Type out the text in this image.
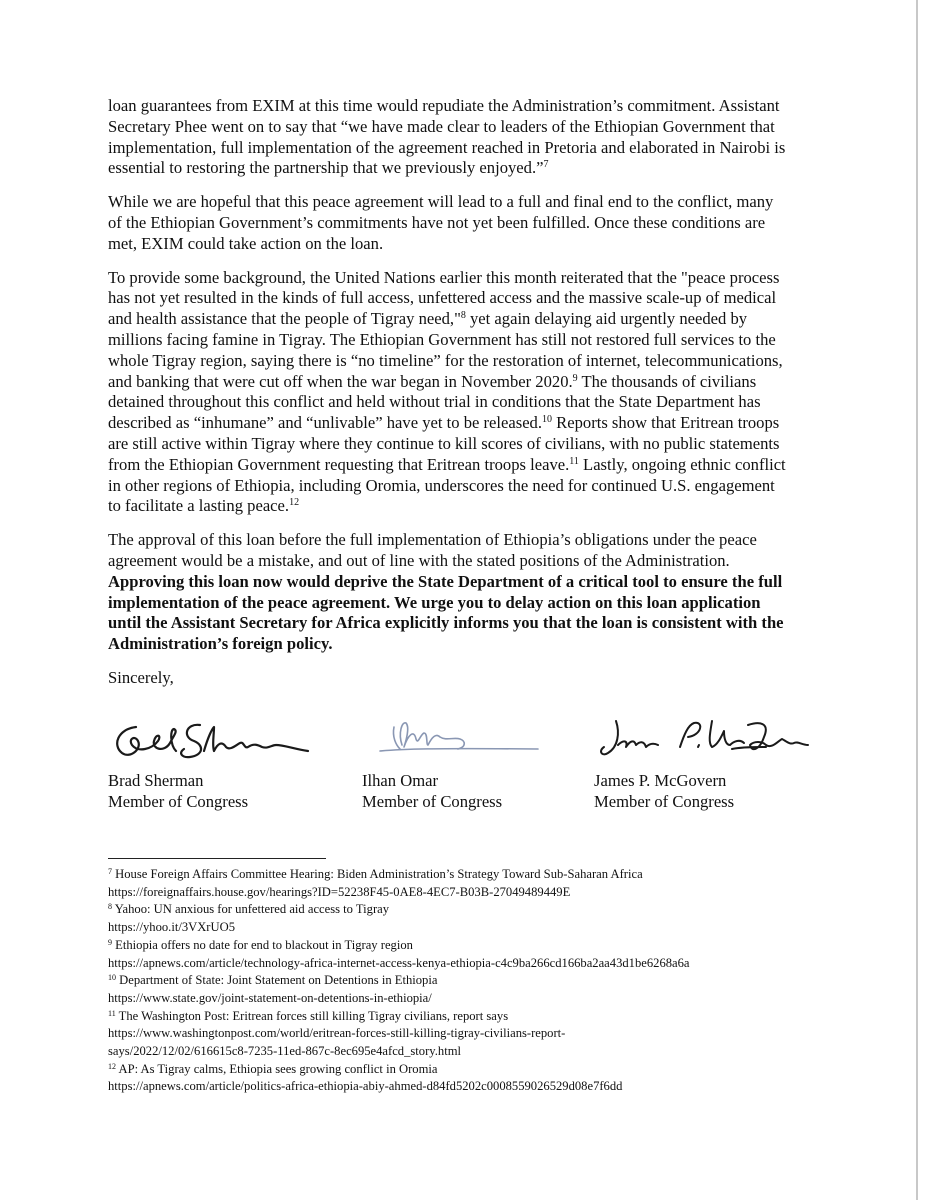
loan guarantees from EXIM at this time would repudiate the Administration’s commitment. Assistant Secretary Phee went on to say that “we have made clear to leaders of the Ethiopian Government that implementation, full implementation of the agreement reached in Pretoria and elaborated in Nairobi is essential to restoring the partnership that we previously enjoyed.”$^7$

While we are hopeful that this peace agreement will lead to a full and final end to the conflict, many of the Ethiopian Government’s commitments have not yet been fulfilled. Once these conditions are met, EXIM could take action on the loan.

To provide some background, the United Nations earlier this month reiterated that the "peace process has not yet resulted in the kinds of full access, unfettered access and the massive scale-up of medical and health assistance that the people of Tigray need,"$^8$ yet again delaying aid urgently needed by millions facing famine in Tigray. The Ethiopian Government has still not restored full services to the whole Tigray region, saying there is “no timeline” for the restoration of internet, telecommunications, and banking that were cut off when the war began in November 2020.$^9$ The thousands of civilians detained throughout this conflict and held without trial in conditions that the State Department has described as “inhumane” and “unlivable” have yet to be released.$^{10}$ Reports show that Eritrean troops are still active within Tigray where they continue to kill scores of civilians, with no public statements from the Ethiopian Government requesting that Eritrean troops leave.$^{11}$ Lastly, ongoing ethnic conflict in other regions of Ethiopia, including Oromia, underscores the need for continued U.S. engagement to facilitate a lasting peace.$^{12}$

The approval of this loan before the full implementation of Ethiopia’s obligations under the peace agreement would be a mistake, and out of line with the stated positions of the Administration. Approving this loan now would deprive the State Department of a critical tool to ensure the full implementation of the peace agreement. We urge you to delay action on this loan application until the Assistant Secretary for Africa explicitly informs you that the loan is consistent with the Administration’s foreign policy.

Sincerely,

Brad Sherman
Member of Congress
Ilhan Omar
Member of Congress
James P. McGovern
Member of Congress

$^7$ House Foreign Affairs Committee Hearing: Biden Administration’s Strategy Toward Sub-Saharan Africa

https://foreignaffairs.house.gov/hearings?ID=52238F45-0AE8-4EC7-B03B-27049489449E

$^8$ Yahoo: UN anxious for unfettered aid access to Tigray

https://yhoo.it/3VXrUO5

$^9$ Ethiopia offers no date for end to blackout in Tigray region

https://apnews.com/article/technology-africa-internet-access-kenya-ethiopia-c4c9ba266cd166ba2aa43d1be6268a6a

$^{10}$ Department of State: Joint Statement on Detentions in Ethiopia

https://www.state.gov/joint-statement-on-detentions-in-ethiopia/

$^{11}$ The Washington Post: Eritrean forces still killing Tigray civilians, report says

https://www.washingtonpost.com/world/eritrean-forces-still-killing-tigray-civilians-report-

says/2022/12/02/616615c8-7235-11ed-867c-8ec695e4afcd_story.html

$^{12}$ AP: As Tigray calms, Ethiopia sees growing conflict in Oromia

https://apnews.com/article/politics-africa-ethiopia-abiy-ahmed-d84fd5202c0008559026529d08e7f6dd
